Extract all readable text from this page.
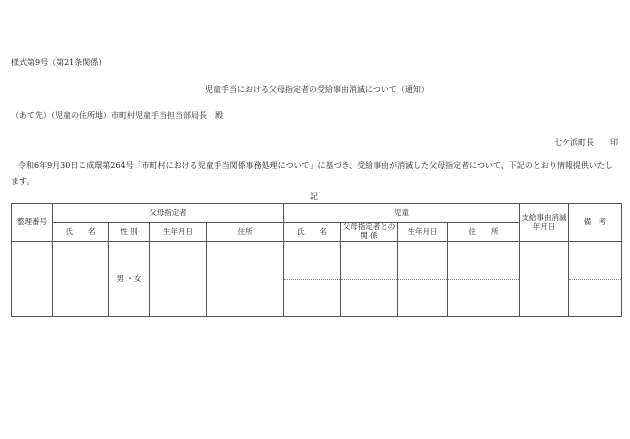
様式第9号（第21条関係）
児童手当における父母指定者の受給事由消滅について（通知）
（あて先）（児童の住所地）市町村児童手当担当部局長　殿
七ケ浜町長　　印
令和6年9月30日こ成環第264号「市町村における児童手当関係事務処理について」に基づき、受給事由が消滅した父母指定者について、下記のとおり情報提供いたし
ます。
記
整理番号	父母指定者				児童				支給事由消滅年月日	備　考
	氏　　名	性 別	生年月日	住所	氏　　名	父母指定者との 関 係	生年月日	住　　所		
		男 ・女			
